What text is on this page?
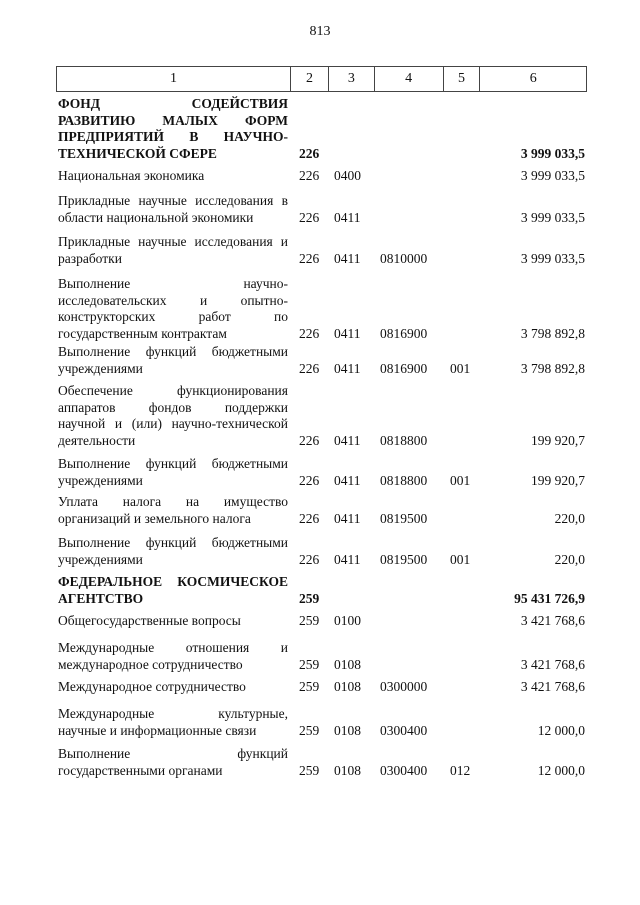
813
1	2	3	4	5	6
ФОНД СОДЕЙСТВИЯ
РАЗВИТИЮ МАЛЫХ ФОРМ
ПРЕДПРИЯТИЙ В НАУЧНО-
ТЕХНИЧЕСКОЙ СФЕРЕ	226	3 999 033,5
Национальная экономика	226 0400	3 999 033,5
Прикладные научные исследования в
области национальной экономики	226 0411	3 999 033,5
Прикладные научные исследования и
разработки	226 0411 0810000	3 999 033,5
Выполнение научно-
исследовательских и опытно-
конструкторских работ по
государственным контрактам	226 0411 0816900	3 798 892,8
Выполнение функций бюджетными
учреждениями	226 0411 0816900 001	3 798 892,8
Обеспечение функционирования
аппаратов фондов поддержки
научной и (или) научно-технической
деятельности	226 0411 0818800	199 920,7
Выполнение функций бюджетными
учреждениями	226 0411 0818800 001	199 920,7
Уплата налога на имущество
организаций и земельного налога	226 0411 0819500	220,0
Выполнение функций бюджетными
учреждениями	226 0411 0819500 001	220,0
ФЕДЕРАЛЬНОЕ КОСМИЧЕСКОЕ
АГЕНТСТВО	259	95 431 726,9
Общегосударственные вопросы	259 0100	3 421 768,6
Международные отношения и
международное сотрудничество	259 0108	3 421 768,6
Международное сотрудничество	259 0108 0300000	3 421 768,6
Международные культурные,
научные и информационные связи	259 0108 0300400	12 000,0
Выполнение функций
государственными органами	259 0108 0300400 012	12 000,0
